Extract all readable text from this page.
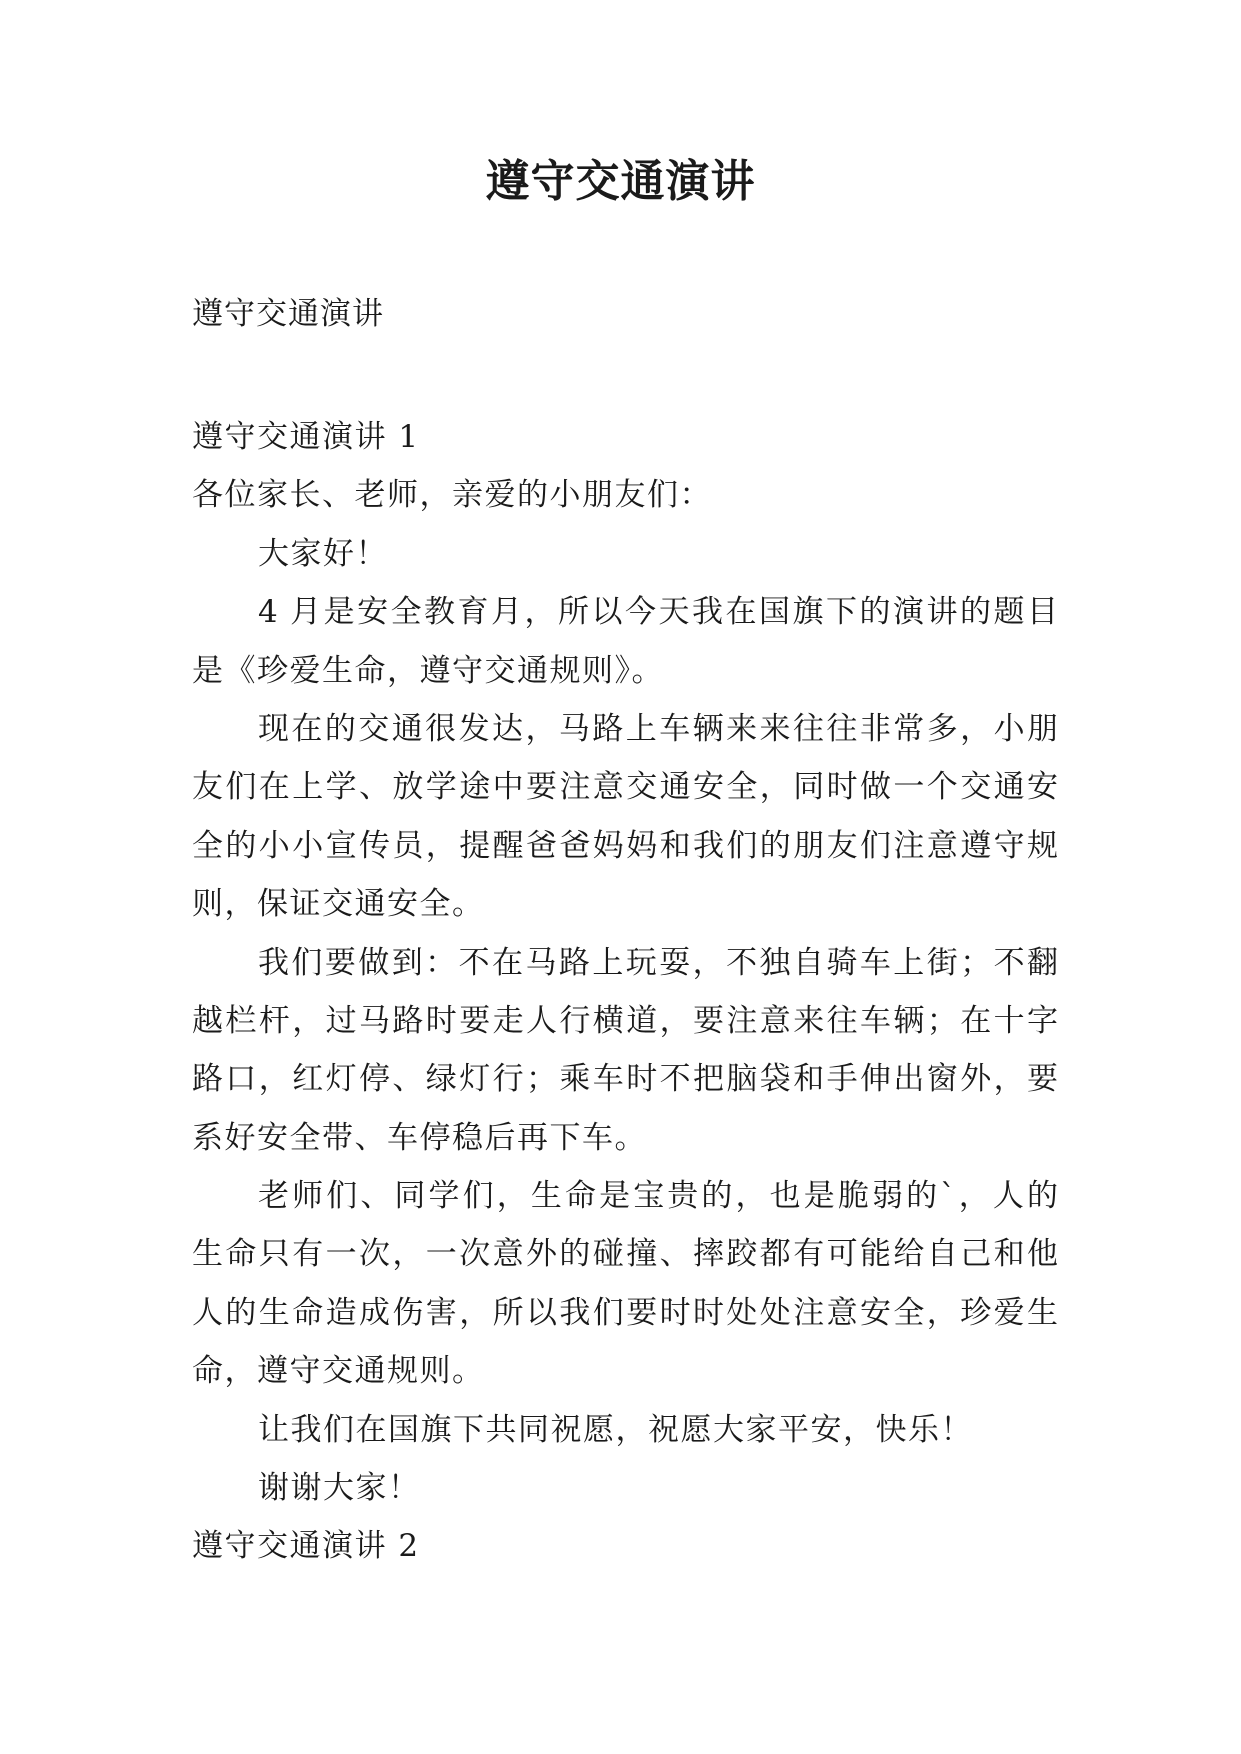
遵守交通演讲
遵守交通演讲
遵守交通演讲 1
各位家长、老师，亲爱的小朋友们：
大家好！
4 月是安全教育月，所以今天我在国旗下的演讲的题目
是《珍爱生命，遵守交通规则》。
现在的交通很发达，马路上车辆来来往往非常多，小朋
友们在上学、放学途中要注意交通安全，同时做一个交通安
全的小小宣传员，提醒爸爸妈妈和我们的朋友们注意遵守规
则，保证交通安全。
我们要做到：不在马路上玩耍，不独自骑车上街；不翻
越栏杆，过马路时要走人行横道，要注意来往车辆；在十字
路口，红灯停、绿灯行；乘车时不把脑袋和手伸出窗外，要
系好安全带、车停稳后再下车。
老师们、同学们，生命是宝贵的，也是脆弱的`，人的
生命只有一次，一次意外的碰撞、摔跤都有可能给自己和他
人的生命造成伤害，所以我们要时时处处注意安全，珍爱生
命，遵守交通规则。
让我们在国旗下共同祝愿，祝愿大家平安，快乐！
谢谢大家！
遵守交通演讲 2
